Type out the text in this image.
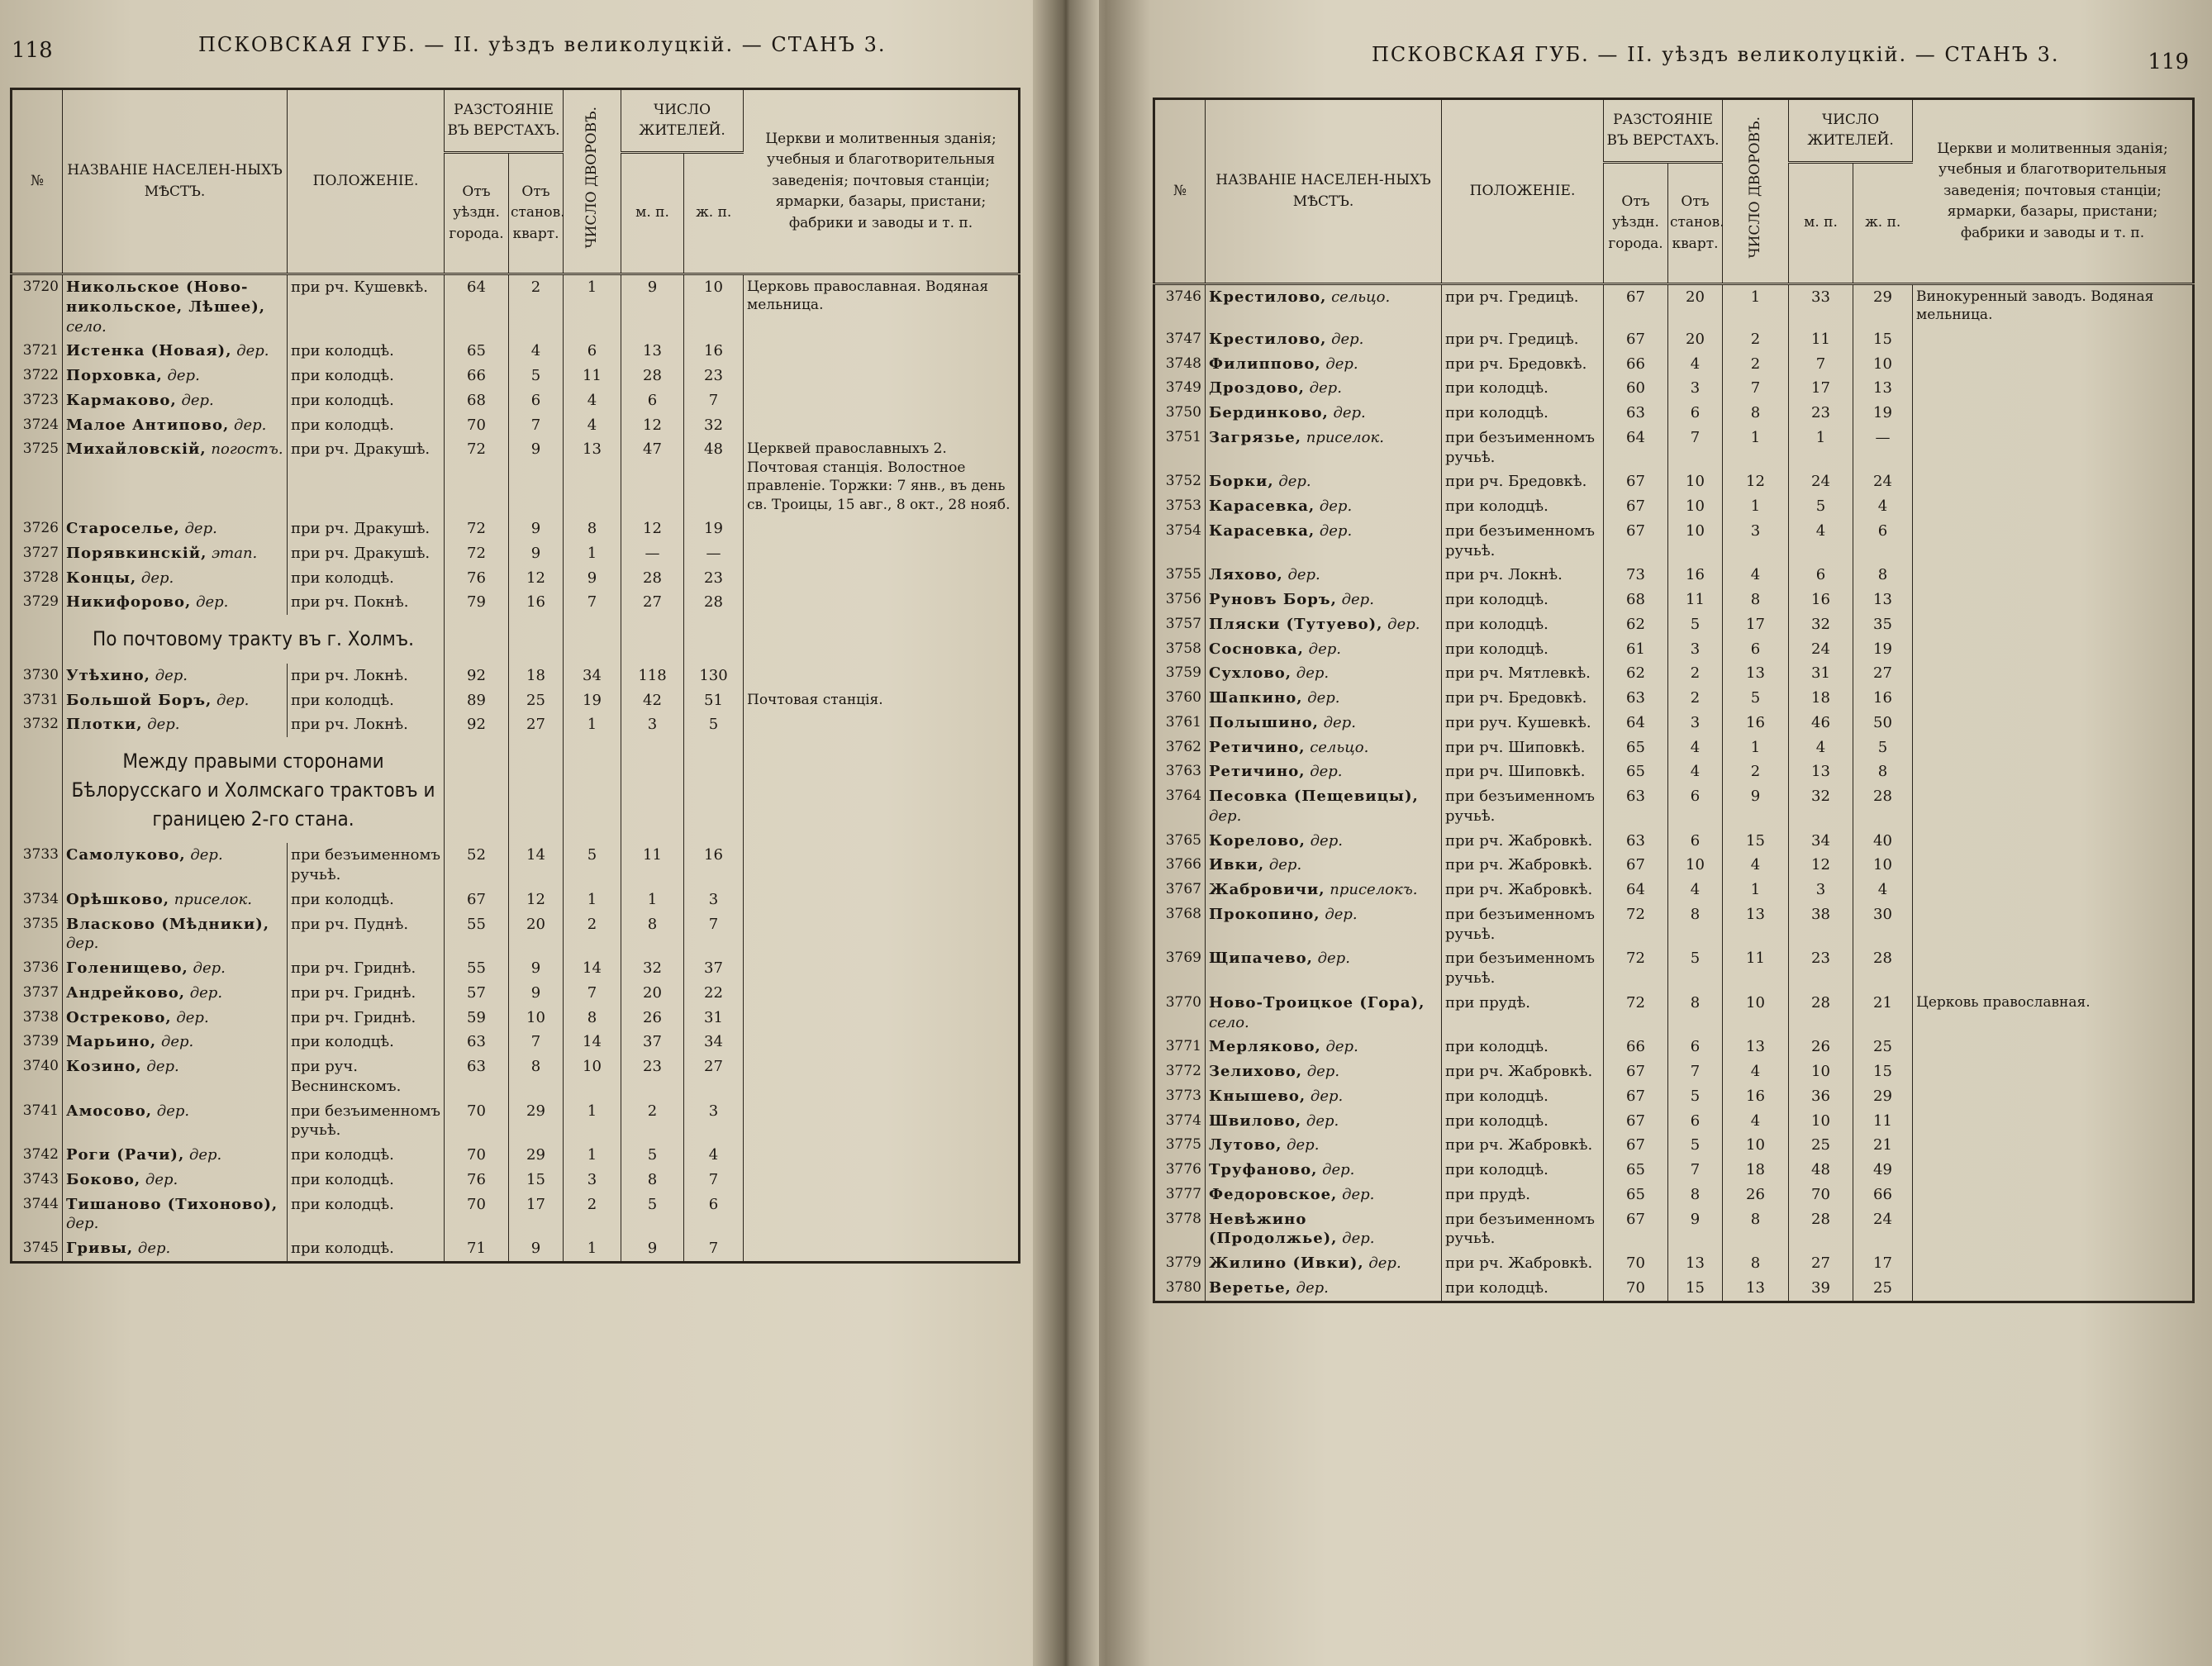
118	ПСКОВСКАЯ ГУБ. — II. уѣздъ великолуцкій. — СТАНЪ 3.
№	НАЗВАНІЕ НАСЕЛЕН-НЫХЪ МѢСТЪ.	ПОЛОЖЕНІЕ.	РАЗСТОЯНІЕ ВЪ ВЕРСТАХЪ.		ЧИСЛО ДВОРОВЪ.	ЧИСЛО ЖИТЕЛЕЙ.		Церкви и молитвенныя зданія; учебныя и благотворительныя заведенія; почтовыя станціи; ярмарки, базары, пристани; фабрики и заводы и т. п.
			Отъ уѣздн. города.	Отъ станов. кварт.		м. п.	ж. п.	
3720	Никольское (Ново-никольское, Лѣшее), село.	при рч. Кушевкѣ.	64	2	1	9	10	Церковь православная. Водяная мельница.
3721	Истенка (Новая), дер.	при колодцѣ.	65	4	6	13	16	
3722	Порховка, дер.	при колодцѣ.	66	5	11	28	23	
3723	Кармаково, дер.	при колодцѣ.	68	6	4	6	7	
3724	Малое Антипово, дер.	при колодцѣ.	70	7	4	12	32	
3725	Михайловскій, погостъ.	при рч. Дракушѣ.	72	9	13	47	48	Церквей православныхъ 2. Почтовая станція. Волостное правленіе. Торжки: 7 янв., въ день св. Троицы, 15 авг., 8 окт., 28 нояб.
3726	Староселье, дер.	при рч. Дракушѣ.	72	9	8	12	19	
3727	Порявкинскій, этап.	при рч. Дракушѣ.	72	9	1	—	—	
3728	Концы, дер.	при колодцѣ.	76	12	9	28	23	
3729	Никифорово, дер.	при рч. Покнѣ.	79	16	7	27	28	
	По почтовому тракту въ г. Холмъ.							
3730	Утѣхино, дер.	при рч. Локнѣ.	92	18	34	118	130	
3731	Большой Боръ, дер.	при колодцѣ.	89	25	19	42	51	Почтовая станція.
3732	Плотки, дер.	при рч. Локнѣ.	92	27	1	3	5	
	Между правыми сторонами Бѣлорусскаго и Холмскаго трактовъ и границею 2-го стана.							
3733	Самолуково, дер.	при безъименномъ ручьѣ.	52	14	5	11	16	
3734	Орѣшково, приселок.	при колодцѣ.	67	12	1	1	3	
3735	Власково (Мѣдники), дер.	при рч. Пуднѣ.	55	20	2	8	7	
3736	Голенищево, дер.	при рч. Гриднѣ.	55	9	14	32	37	
3737	Андрейково, дер.	при рч. Гриднѣ.	57	9	7	20	22	
3738	Остреково, дер.	при рч. Гриднѣ.	59	10	8	26	31	
3739	Марьино, дер.	при колодцѣ.	63	7	14	37	34	
3740	Козино, дер.	при руч. Веснинскомъ.	63	8	10	23	27	
3741	Амосово, дер.	при безъименномъ ручьѣ.	70	29	1	2	3	
3742	Роги (Рачи), дер.	при колодцѣ.	70	29	1	5	4	
3743	Боково, дер.	при колодцѣ.	76	15	3	8	7	
3744	Тишаново (Тихоново), дер.	при колодцѣ.	70	17	2	5	6	
3745	Гривы, дер.	при колодцѣ.	71	9	1	9	7	
119
ПСКОВСКАЯ ГУБ. — II. уѣздъ великолуцкій. — СТАНЪ 3.
№	НАЗВАНІЕ НАСЕЛЕН-НЫХЪ МѢСТЪ.	ПОЛОЖЕНІЕ.	РАЗСТОЯНІЕ ВЪ ВЕРСТАХЪ.		ЧИСЛО ДВОРОВЪ.	ЧИСЛО ЖИТЕЛЕЙ.		Церкви и молитвенныя зданія; учебныя и благотворительныя заведенія; почтовыя станціи; ярмарки, базары, пристани; фабрики и заводы и т. п.
			Отъ уѣздн. города.	Отъ станов. кварт.		м. п.	ж. п.	
3746	Крестилово, сельцо.	при рч. Гредицѣ.	67	20	1	33	29	Винокуренный заводъ. Водяная мельница.
3747	Крестилово, дер.	при рч. Гредицѣ.	67	20	2	11	15	
3748	Филиппово, дер.	при рч. Бредовкѣ.	66	4	2	7	10	
3749	Дроздово, дер.	при колодцѣ.	60	3	7	17	13	
3750	Бердинково, дер.	при колодцѣ.	63	6	8	23	19	
3751	Загрязье, приселок.	при безъименномъ ручьѣ.	64	7	1	1	—	
3752	Борки, дер.	при рч. Бредовкѣ.	67	10	12	24	24	
3753	Карасевка, дер.	при колодцѣ.	67	10	1	5	4	
3754	Карасевка, дер.	при безъименномъ ручьѣ.	67	10	3	4	6	
3755	Ляхово, дер.	при рч. Локнѣ.	73	16	4	6	8	
3756	Руновъ Боръ, дер.	при колодцѣ.	68	11	8	16	13	
3757	Пляски (Тутуево), дер.	при колодцѣ.	62	5	17	32	35	
3758	Сосновка, дер.	при колодцѣ.	61	3	6	24	19	
3759	Сухлово, дер.	при рч. Мятлевкѣ.	62	2	13	31	27	
3760	Шапкино, дер.	при рч. Бредовкѣ.	63	2	5	18	16	
3761	Полышино, дер.	при руч. Кушевкѣ.	64	3	16	46	50	
3762	Ретичино, сельцо.	при рч. Шиповкѣ.	65	4	1	4	5	
3763	Ретичино, дер.	при рч. Шиповкѣ.	65	4	2	13	8	
3764	Песовка (Пещевицы), дер.	при безъименномъ ручьѣ.	63	6	9	32	28	
3765	Корелово, дер.	при рч. Жабровкѣ.	63	6	15	34	40	
3766	Ивки, дер.	при рч. Жабровкѣ.	67	10	4	12	10	
3767	Жабровичи, приселокъ.	при рч. Жабровкѣ.	64	4	1	3	4	
3768	Прокопино, дер.	при безъименномъ ручьѣ.	72	8	13	38	30	
3769	Щипачево, дер.	при безъименномъ ручьѣ.	72	5	11	23	28	
3770	Ново-Троицкое (Гора), село.	при прудѣ.	72	8	10	28	21	Церковь православная.
3771	Мерляково, дер.	при колодцѣ.	66	6	13	26	25	
3772	Зелихово, дер.	при рч. Жабровкѣ.	67	7	4	10	15	
3773	Кнышево, дер.	при колодцѣ.	67	5	16	36	29	
3774	Швилово, дер.	при колодцѣ.	67	6	4	10	11	
3775	Лутово, дер.	при рч. Жабровкѣ.	67	5	10	25	21	
3776	Труфаново, дер.	при колодцѣ.	65	7	18	48	49	
3777	Федоровское, дер.	при прудѣ.	65	8	26	70	66	
3778	Невѣжино (Продолжье), дер.	при безъименномъ ручьѣ.	67	9	8	28	24	
3779	Жилино (Ивки), дер.	при рч. Жабровкѣ.	70	13	8	27	17	
3780	Веретье, дер.	при колодцѣ.	70	15	13	39	25	
